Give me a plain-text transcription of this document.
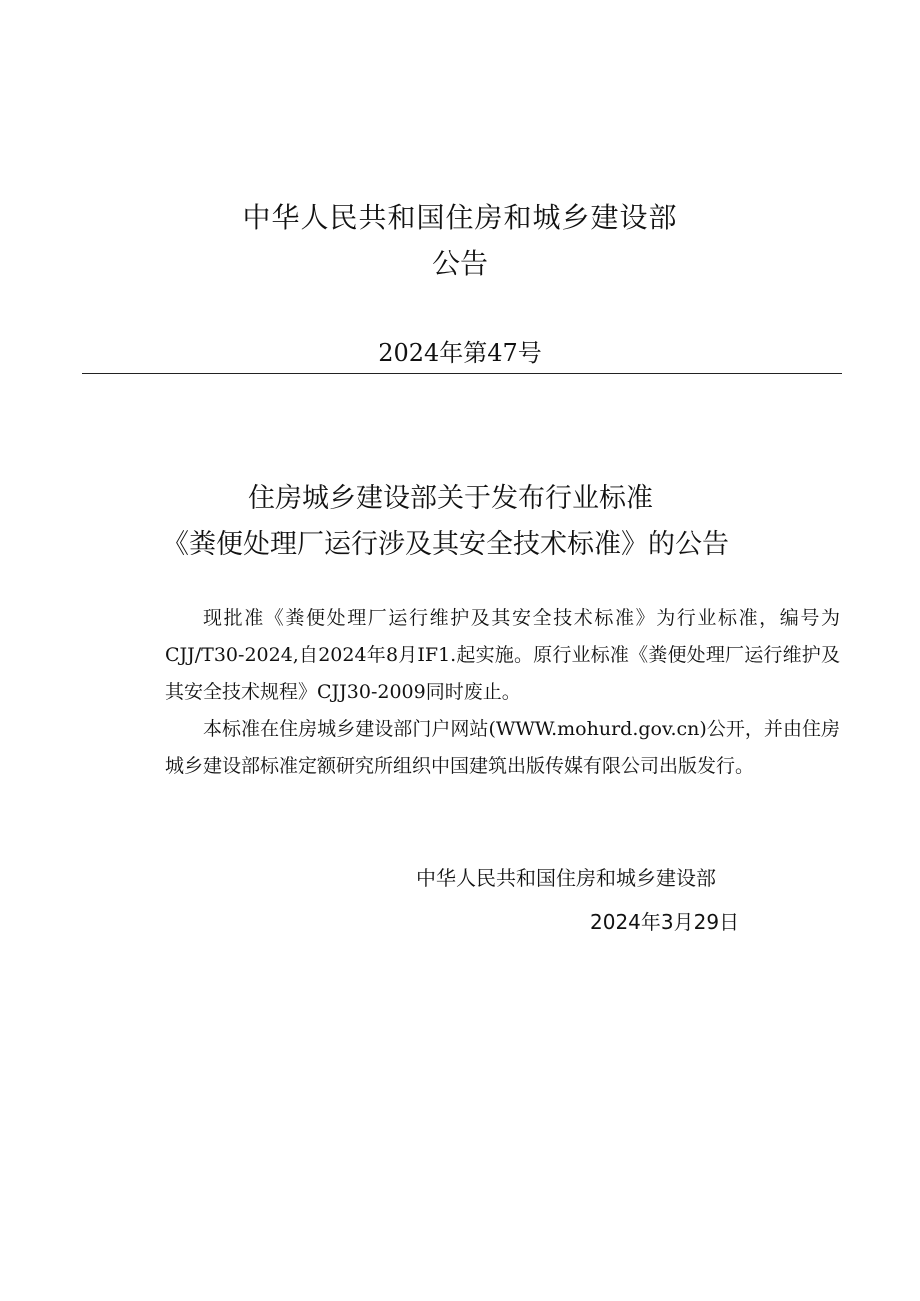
中华人民共和国住房和城乡建设部
公告
2024年第47号
住房城乡建设部关于发布行业标准
《粪便处理厂运行涉及其安全技术标准》的公告

现批准《粪便处理厂运行维护及其安全技术标准》为行业标准，编号为CJJ/T30-2024,自2024年8月IF1.起实施。原行业标准《粪便处理厂运行维护及其安全技术规程》CJJ30-2009同时废止。

本标准在住房城乡建设部门户网站(WWW.mohurd.gov.cn)公开，并由住房城乡建设部标准定额研究所组织中国建筑出版传媒有限公司出版发行。

中华人民共和国住房和城乡建设部
2024年3月29日
